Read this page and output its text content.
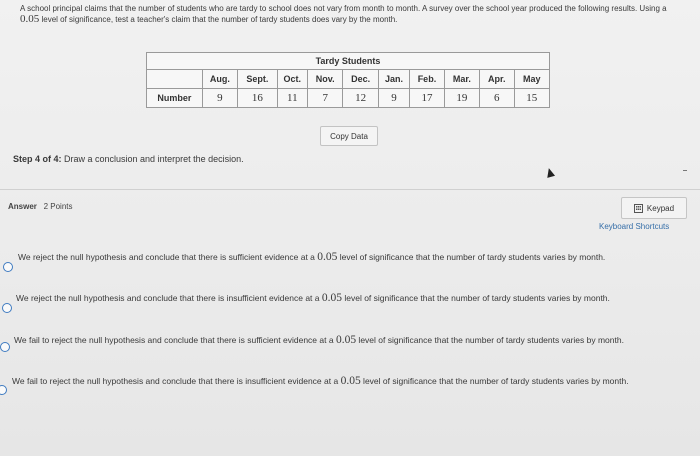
A school principal claims that the number of students who are tardy to school does not vary from month to month. A survey over the school year produced the following results. Using a 0.05 level of significance, test a teacher's claim that the number of tardy students does vary by the month.
Tardy Students										
	Aug.	Sept.	Oct.	Nov.	Dec.	Jan.	Feb.	Mar.	Apr.	May
Number	9	16	11	7	12	9	17	19	6	15
Copy Data
Step 4 of 4: Draw a conclusion and interpret the decision.
Answer 2 Points	Keypad
Keyboard Shortcuts
We reject the null hypothesis and conclude that there is sufficient evidence at a 0.05 level of significance that the number of tardy students varies by month.
We reject the null hypothesis and conclude that there is insufficient evidence at a 0.05 level of significance that the number of tardy students varies by month.
We fail to reject the null hypothesis and conclude that there is sufficient evidence at a 0.05 level of significance that the number of tardy students varies by month.
We fail to reject the null hypothesis and conclude that there is insufficient evidence at a 0.05 level of significance that the number of tardy students varies by month.
